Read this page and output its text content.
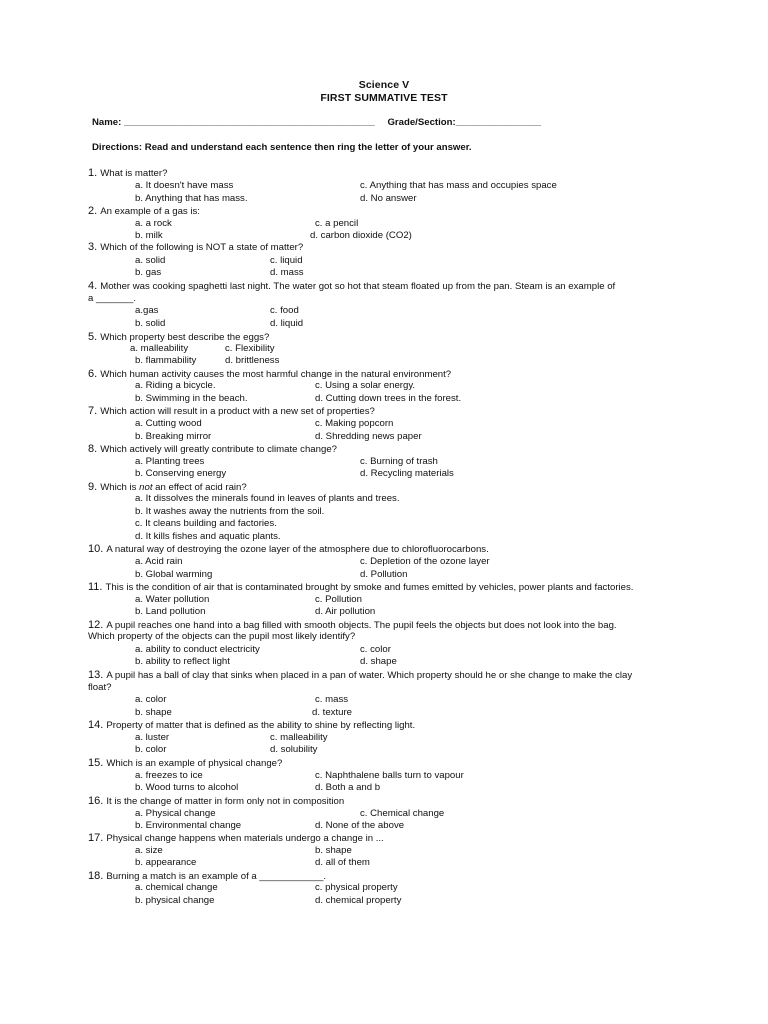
Science V
FIRST SUMMATIVE TEST
Name: _______________________________________________ Grade/Section:________________
Directions: Read and understand each sentence then ring the letter of your answer.
1. What is matter?
a. It doesn't have mass	c. Anything that has mass and occupies space
b. Anything that has mass.	d. No answer
2. An example of a gas is:
a. a rock	c. a pencil
b. milk	d. carbon dioxide (CO2)
3. Which of the following is NOT a state of matter?
a. solid	c. liquid
b. gas	d. mass
4. Mother was cooking spaghetti last night. The water got so hot that steam floated up from the pan. Steam is an example of
a _______.
a.gas	c. food
b. solid	d. liquid
5. Which property best describe the eggs?
a. malleability	c. Flexibility
b. flammability	d. brittleness
6. Which human activity causes the most harmful change in the natural environment?
a. Riding a bicycle.	c. Using a solar energy.
b. Swimming in the beach.	d. Cutting down trees in the forest.
7. Which action will result in a product with a new set of properties?
a. Cutting wood	c. Making popcorn
b. Breaking mirror	d. Shredding news paper
8. Which actively will greatly contribute to climate change?
a. Planting trees	c. Burning of trash
b. Conserving energy	d. Recycling materials
9. Which is not an effect of acid rain?
a. It dissolves the minerals found in leaves of plants and trees.
b. It washes away the nutrients from the soil.
c. It cleans building and factories.
d. It kills fishes and aquatic plants.
10. A natural way of destroying the ozone layer of the atmosphere due to chlorofluorocarbons.
a. Acid rain	c. Depletion of the ozone layer
b. Global warming	d. Pollution
11. This is the condition of air that is contaminated brought by smoke and fumes emitted by vehicles, power plants and factories.
a. Water pollution	c. Pollution
b. Land pollution	d. Air pollution
12. A pupil reaches one hand into a bag filled with smooth objects. The pupil feels the objects but does not look into the bag.
Which property of the objects can the pupil most likely identify?
a. ability to conduct electricity	c. color
b. ability to reflect light	d. shape
13. A pupil has a ball of clay that sinks when placed in a pan of water. Which property should he or she change to make the clay
float?
a. color	c. mass
b. shape	d. texture
14. Property of matter that is defined as the ability to shine by reflecting light.
a. luster	c. malleability
b. color	d. solubility
15. Which is an example of physical change?
a. freezes to ice	c. Naphthalene balls turn to vapour
b. Wood turns to alcohol	d. Both a and b
16. It is the change of matter in form only not in composition
a. Physical change	c. Chemical change
b. Environmental change	d. None of the above
17. Physical change happens when materials undergo a change in ...
a. size	b. shape
b. appearance	d. all of them
18. Burning a match is an example of a ____________.
a. chemical change	c. physical property
b. physical change	d. chemical property
